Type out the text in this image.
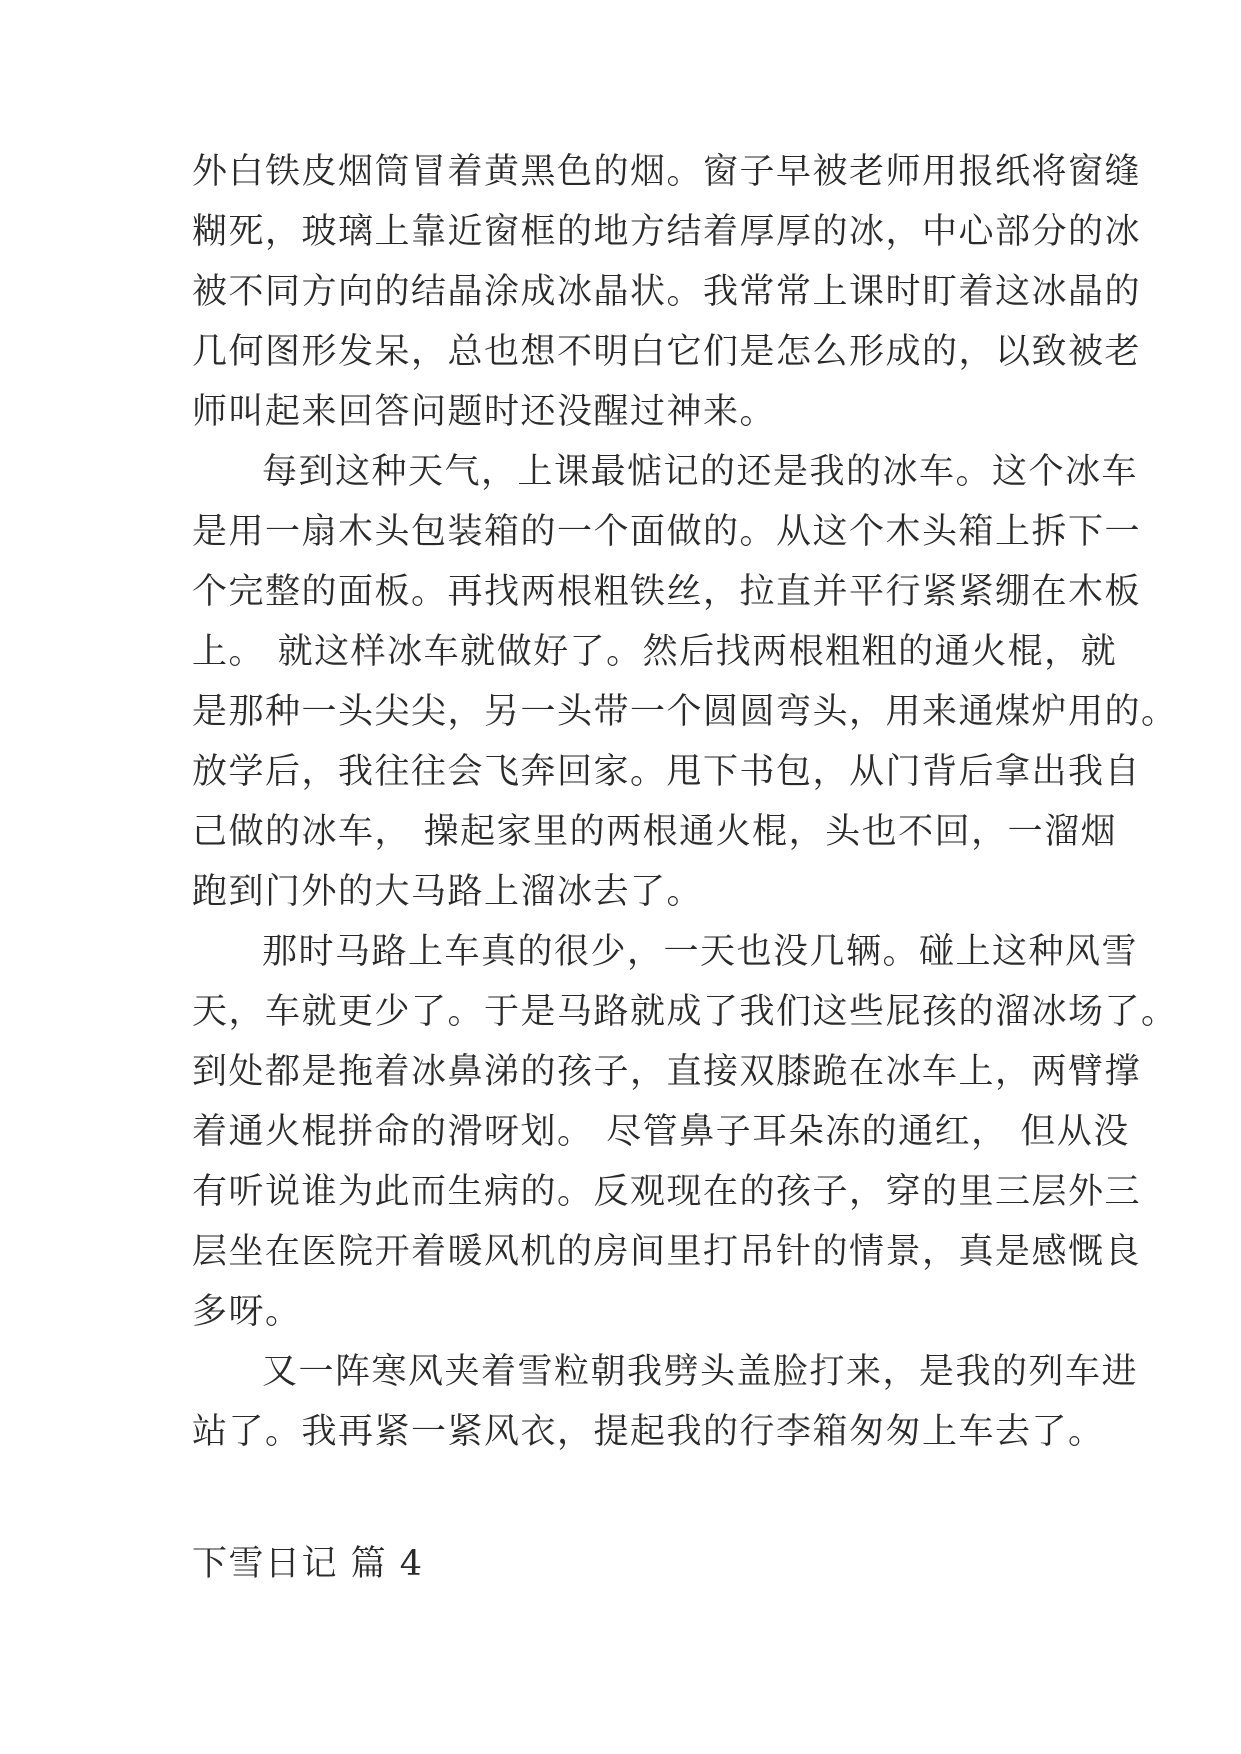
外白铁皮烟筒冒着黄黑色的烟。窗子早被老师用报纸将窗缝
糊死，玻璃上靠近窗框的地方结着厚厚的冰，中心部分的冰
被不同方向的结晶涂成冰晶状。我常常上课时盯着这冰晶的
几何图形发呆，总也想不明白它们是怎么形成的，以致被老
师叫起来回答问题时还没醒过神来。
每到这种天气，上课最惦记的还是我的冰车。这个冰车
是用一扇木头包装箱的一个面做的。从这个木头箱上拆下一
个完整的面板。再找两根粗铁丝，拉直并平行紧紧绷在木板
上。 就这样冰车就做好了。然后找两根粗粗的通火棍，就
是那种一头尖尖，另一头带一个圆圆弯头，用来通煤炉用的。
放学后，我往往会飞奔回家。甩下书包，从门背后拿出我自
己做的冰车， 操起家里的两根通火棍，头也不回，一溜烟
跑到门外的大马路上溜冰去了。
那时马路上车真的很少，一天也没几辆。碰上这种风雪
天，车就更少了。于是马路就成了我们这些屁孩的溜冰场了。
到处都是拖着冰鼻涕的孩子，直接双膝跪在冰车上，两臂撑
着通火棍拼命的滑呀划。 尽管鼻子耳朵冻的通红， 但从没
有听说谁为此而生病的。反观现在的孩子，穿的里三层外三
层坐在医院开着暖风机的房间里打吊针的情景，真是感慨良
多呀。
又一阵寒风夹着雪粒朝我劈头盖脸打来，是我的列车进
站了。我再紧一紧风衣，提起我的行李箱匆匆上车去了。
下雪日记 篇 4
